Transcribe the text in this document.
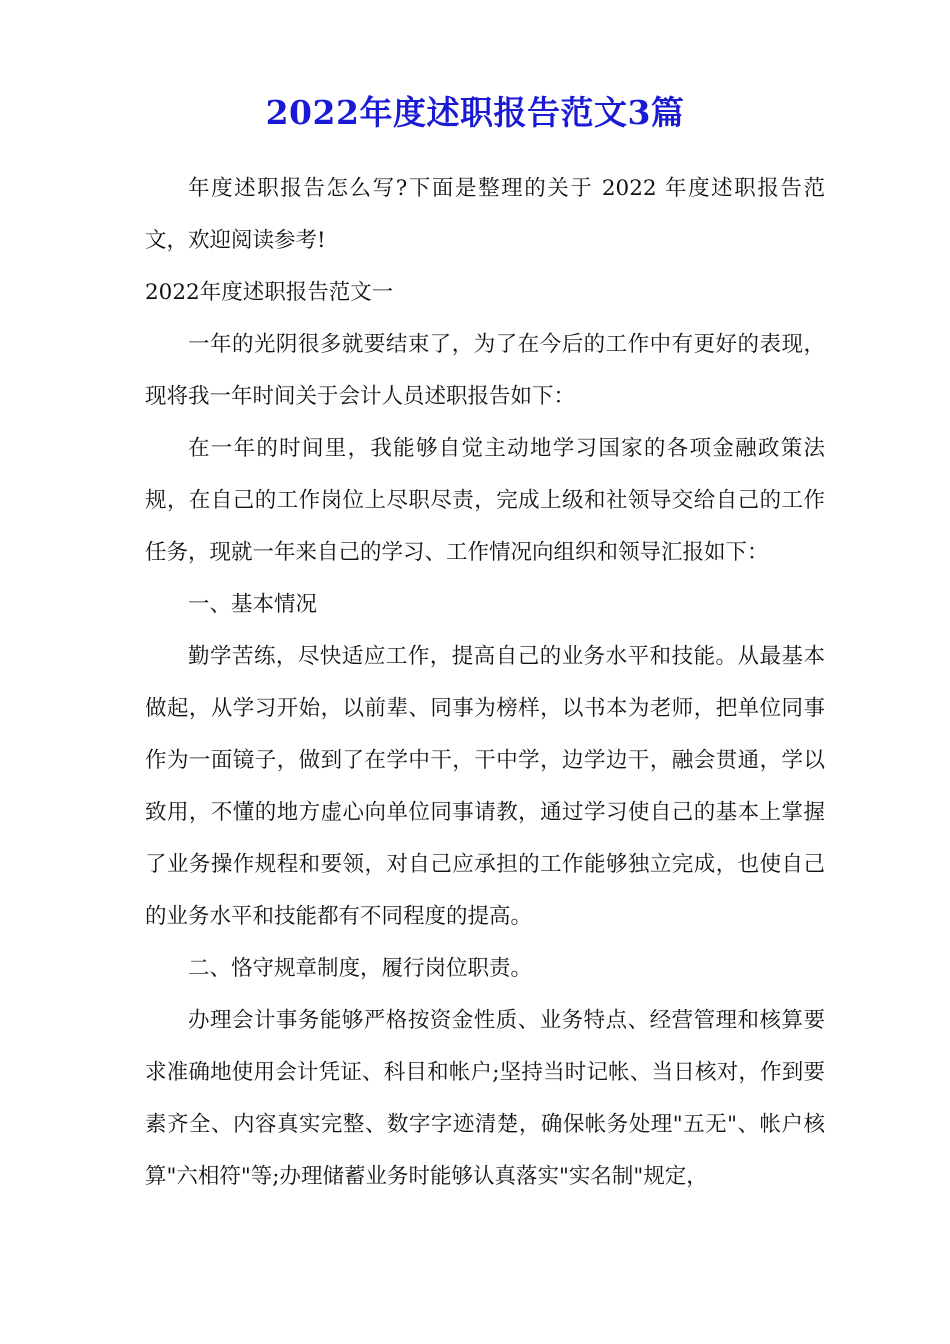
2022年度述职报告范文3篇

年度述职报告怎么写?下面是整理的关于 2022 年度述职报告范文，欢迎阅读参考!

2022年度述职报告范文一

一年的光阴很多就要结束了，为了在今后的工作中有更好的表现，现将我一年时间关于会计人员述职报告如下：

在一年的时间里，我能够自觉主动地学习国家的各项金融政策法规，在自己的工作岗位上尽职尽责，完成上级和社领导交给自己的工作任务，现就一年来自己的学习、工作情况向组织和领导汇报如下：

一、基本情况

勤学苦练，尽快适应工作，提高自己的业务水平和技能。从最基本做起，从学习开始，以前辈、同事为榜样，以书本为老师，把单位同事作为一面镜子，做到了在学中干，干中学，边学边干，融会贯通，学以致用，不懂的地方虚心向单位同事请教，通过学习使自己的基本上掌握了业务操作规程和要领，对自己应承担的工作能够独立完成，也使自己的业务水平和技能都有不同程度的提高。

二、恪守规章制度，履行岗位职责。

办理会计事务能够严格按资金性质、业务特点、经营管理和核算要求准确地使用会计凭证、科目和帐户;坚持当时记帐、当日核对，作到要素齐全、内容真实完整、数字字迹清楚，确保帐务处理"五无"、帐户核算"六相符"等;办理储蓄业务时能够认真落实"实名制"规定，
